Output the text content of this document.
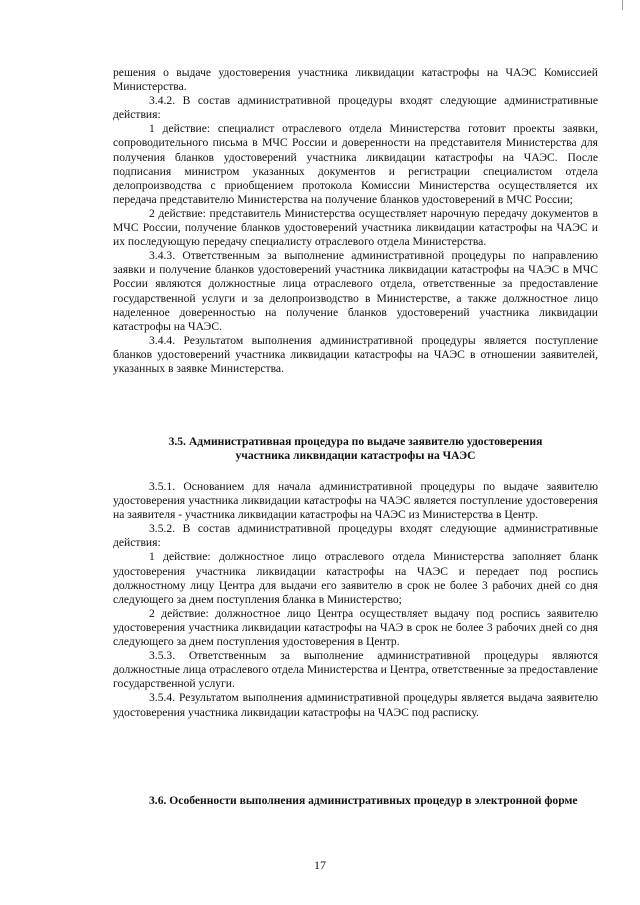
решения о выдаче удостоверения участника ликвидации катастрофы на ЧАЭС Комиссией Министерства.

3.4.2. В состав административной процедуры входят следующие административные действия:

1 действие: специалист отраслевого отдела Министерства готовит проекты заявки, сопроводительного письма в МЧС России и доверенности на представителя Министерства для получения бланков удостоверений участника ликвидации катастрофы на ЧАЭС. После подписания министром указанных документов и регистрации специалистом отдела делопроизводства с приобщением протокола Комиссии Министерства осуществляется их передача представителю Министерства на получение бланков удостоверений в МЧС России;

2 действие: представитель Министерства осуществляет нарочную передачу документов в МЧС России, получение бланков удостоверений участника ликвидации катастрофы на ЧАЭС и их последующую передачу специалисту отраслевого отдела Министерства.

3.4.3. Ответственным за выполнение административной процедуры по направлению заявки и получение бланков удостоверений участника ликвидации катастрофы на ЧАЭС в МЧС России являются должностные лица отраслевого отдела, ответственные за предоставление государственной услуги и за делопроизводство в Министерстве, а также должностное лицо наделенное доверенностью на получение бланков удостоверений участника ликвидации катастрофы на ЧАЭС.

3.4.4. Результатом выполнения административной процедуры является поступление бланков удостоверений участника ликвидации катастрофы на ЧАЭС в отношении заявителей, указанных в заявке Министерства.

3.5. Административная процедура по выдаче заявителю удостоверения
участника ликвидации катастрофы на ЧАЭС

3.5.1. Основанием для начала административной процедуры по выдаче заявителю удостоверения участника ликвидации катастрофы на ЧАЭС является поступление удостоверения на заявителя - участника ликвидации катастрофы на ЧАЭС из Министерства в Центр.

3.5.2. В состав административной процедуры входят следующие административные действия:

1 действие: должностное лицо отраслевого отдела Министерства заполняет бланк удостоверения участника ликвидации катастрофы на ЧАЭС и передает под роспись должностному лицу Центра для выдачи его заявителю в срок не более 3 рабочих дней со дня следующего за днем поступления бланка в Министерство;

2 действие: должностное лицо Центра осуществляет выдачу под роспись заявителю удостоверения участника ликвидации катастрофы на ЧАЭ в срок не более 3 рабочих дней со дня следующего за днем поступления удостоверения в Центр.

3.5.3. Ответственным за выполнение административной процедуры являются должностные лица отраслевого отдела Министерства и Центра, ответственные за предоставление государственной услуги.

3.5.4. Результатом выполнения административной процедуры является выдача заявителю удостоверения участника ликвидации катастрофы на ЧАЭС под расписку.

3.6. Особенности выполнения административных процедур в электронной форме
17
